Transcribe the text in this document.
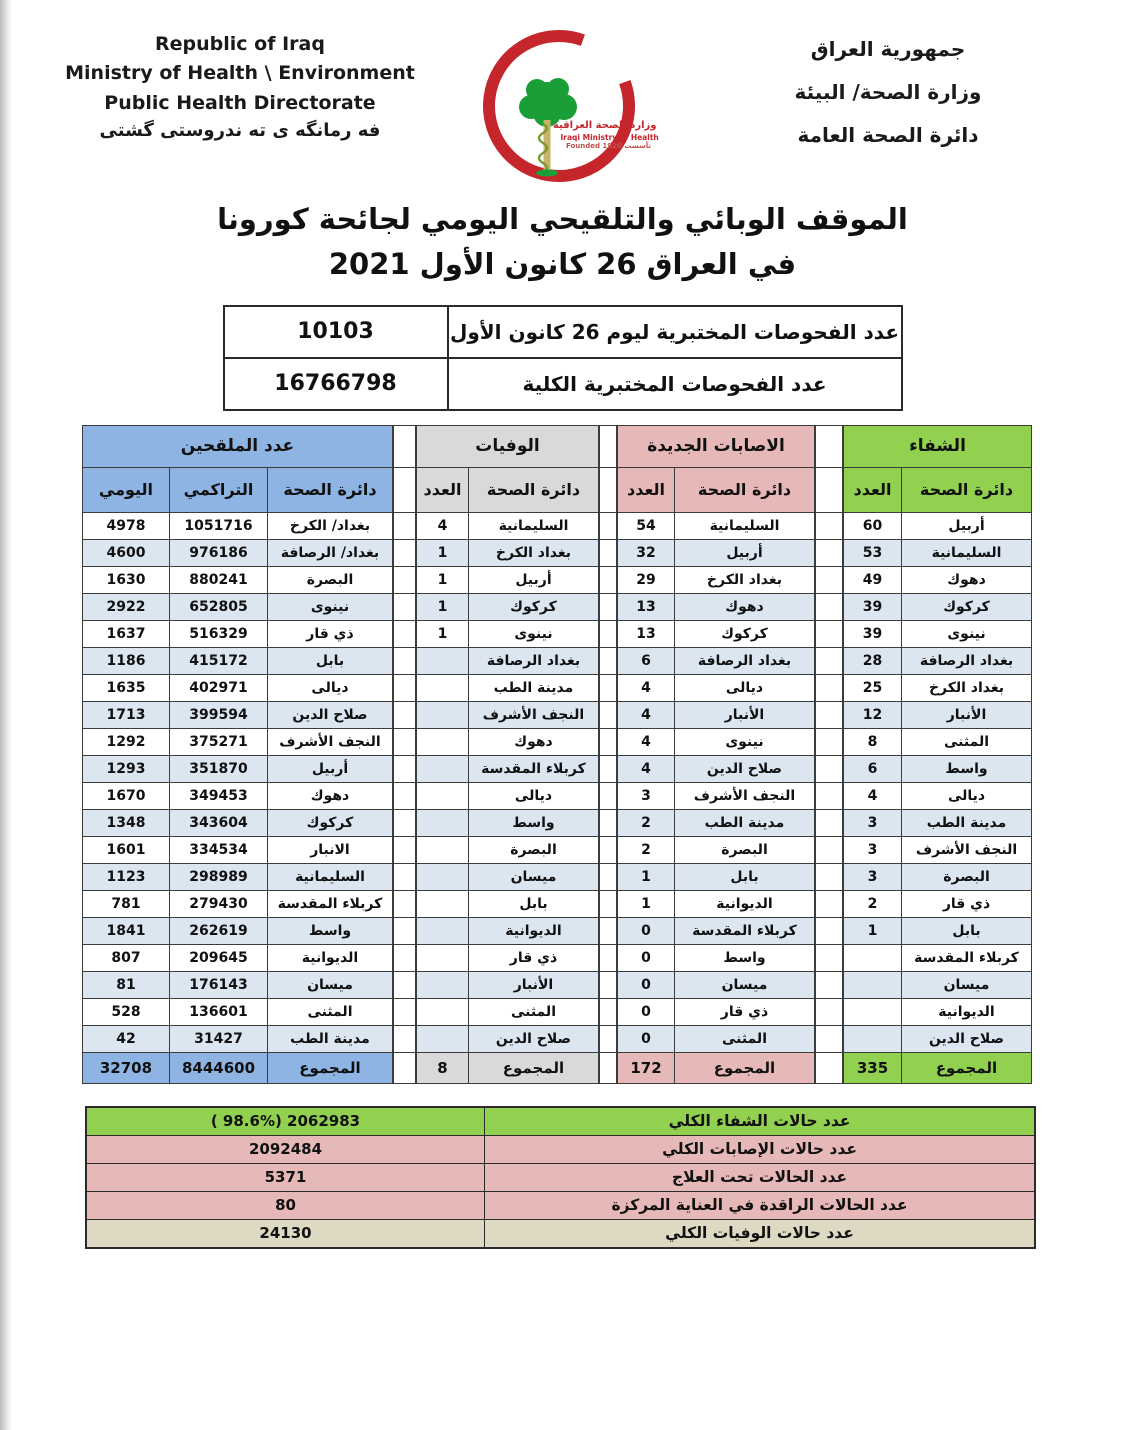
Republic of Iraq
Ministry of Health \ Environment
Public Health Directorate
فه رمانگه ی ته ندروستی گشتی	وزارة الصحة العراقية
Iraqi Ministry of Health
Founded 1920 تأسست
جمهورية العراق
وزارة الصحة/ البيئة
دائرة الصحة العامة
الموقف الوبائي والتلقيحي اليومي لجائحة كورونا
في العراق 26 كانون الأول 2021
عدد الفحوصات المختبرية ليوم 26 كانون الأول
10103
عدد الفحوصات المختبرية الكلية
16766798
الشفاء	
دائرة الصحة	العدد
أربيل	60
السليمانية	53
دهوك	49
كركوك	39
نينوى	39
بغداد الرصافة	28
بغداد الكرخ	25
الأنبار	12
المثنى	8
واسط	6
ديالى	4
مدينة الطب	3
النجف الأشرف	3
البصرة	3
ذي قار	2
بابل	1
كربلاء المقدسة	
ميسان	
الديوانية	
صلاح الدين	
المجموع	335

الاصابات الجديدة	
دائرة الصحة	العدد
السليمانية	54
أربيل	32
بغداد الكرخ	29
دهوك	13
كركوك	13
بغداد الرصافة	6
ديالى	4
الأنبار	4
نينوى	4
صلاح الدين	4
النجف الأشرف	3
مدينة الطب	2
البصرة	2
بابل	1
الديوانية	1
كربلاء المقدسة	0
واسط	0
ميسان	0
ذي قار	0
المثنى	0
المجموع	172

الوفيات	
دائرة الصحة	العدد
السليمانية	4
بغداد الكرخ	1
أربيل	1
كركوك	1
نينوى	1
بغداد الرصافة	
مدينة الطب	
النجف الأشرف	
دهوك	
كربلاء المقدسة	
ديالى	
واسط	
البصرة	
ميسان	
بابل	
الديوانية	
ذي قار	
الأنبار	
المثنى	
صلاح الدين	
المجموع	8

عدد الملقحين		
دائرة الصحة	التراكمي	اليومي
بغداد/ الكرخ	1051716	4978
بغداد/ الرصافة	976186	4600
البصرة	880241	1630
نينوى	652805	2922
ذي قار	516329	1637
بابل	415172	1186
ديالى	402971	1635
صلاح الدين	399594	1713
النجف الأشرف	375271	1292
أربيل	351870	1293
دهوك	349453	1670
كركوك	343604	1348
الانبار	334534	1601
السليمانية	298989	1123
كربلاء المقدسة	279430	781
واسط	262619	1841
الديوانية	209645	807
ميسان	176143	81
المثنى	136601	528
مدينة الطب	31427	42
المجموع	8444600	32708
عدد حالات الشفاء الكلي
( 98.6%) 2062983
عدد حالات الإصابات الكلي
2092484
عدد الحالات تحت العلاج
5371
عدد الحالات الراقدة في العناية المركزة
80
عدد حالات الوفيات الكلي
24130
